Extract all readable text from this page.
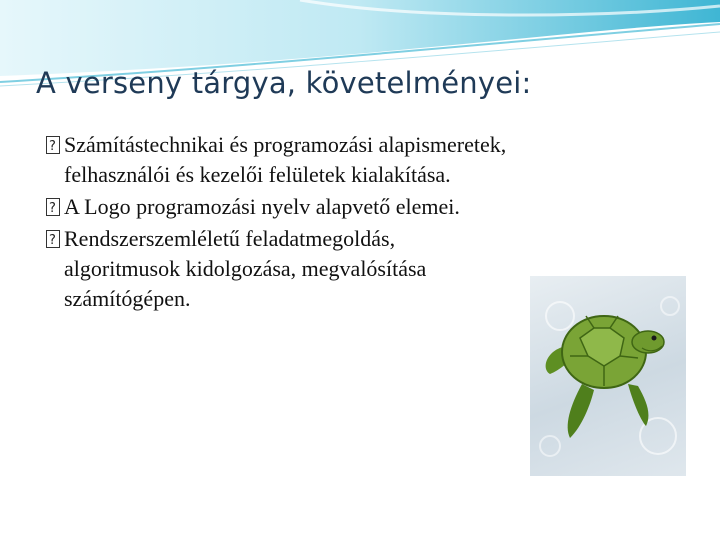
A verseny tárgya, követelményei:
?
Számítástechnikai és programozási alapismeretek, felhasználói és kezelői felületek kialakítása.
?
A Logo programozási nyelv alapvető elemei.
?
Rendszerszemléletű feladatmegoldás, algoritmusok kidolgozása, megvalósítása számítógépen.
